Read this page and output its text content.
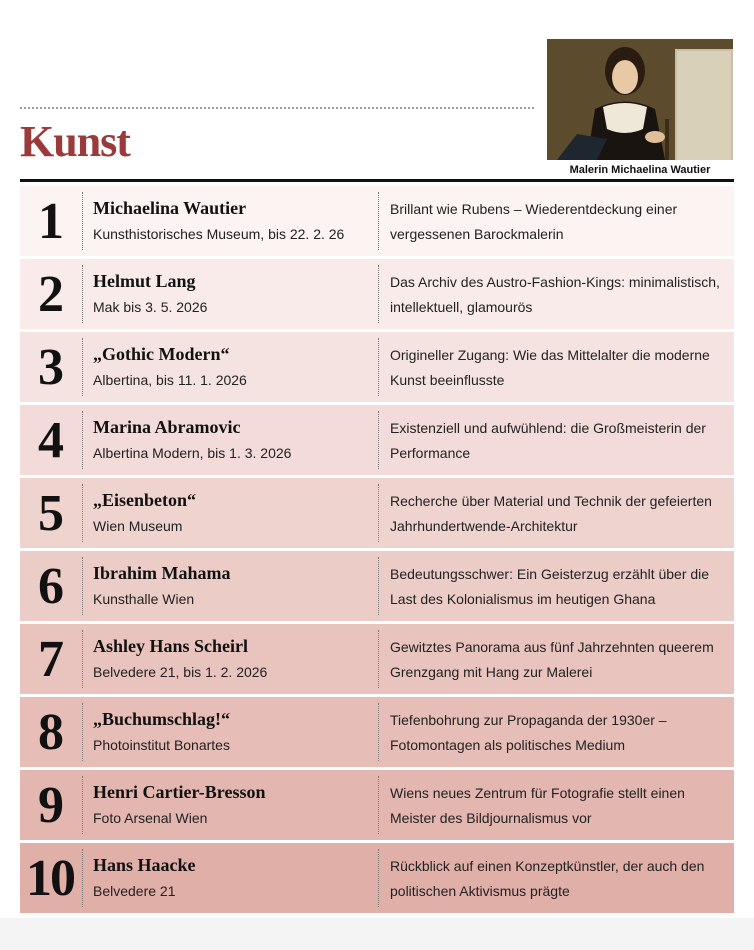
Kunst
Malerin Michaelina Wautier
1	Michaelina Wautier
Kunsthistorisches Museum, bis 22. 2. 26
Brillant wie Rubens – Wiederentdeckung einer vergessenen Barockmalerin
2	Helmut Lang
Mak bis 3. 5. 2026
Das Archiv des Austro-Fashion-Kings: minimalistisch, intellektuell, glamourös
3	„Gothic Modern“
Albertina, bis 11. 1. 2026
Origineller Zugang: Wie das Mittelalter die moderne Kunst beeinflusste
4	Marina Abramovic
Albertina Modern, bis 1. 3. 2026
Existenziell und aufwühlend: die Großmeisterin der Performance
5	„Eisenbeton“
Wien Museum
Recherche über Material und Technik der gefeierten Jahrhundertwende-Architektur
6	Ibrahim Mahama
Kunsthalle Wien
Bedeutungsschwer: Ein Geisterzug erzählt über die Last des Kolonialismus im heutigen Ghana
7	Ashley Hans Scheirl
Belvedere 21, bis 1. 2. 2026
Gewitztes Panorama aus fünf Jahrzehnten queerem Grenzgang mit Hang zur Malerei
8	„Buchumschlag!“
Photoinstitut Bonartes
Tiefenbohrung zur Propaganda der 1930er – Fotomontagen als politisches Medium
9	Henri Cartier-Bresson
Foto Arsenal Wien
Wiens neues Zentrum für Fotografie stellt einen Meister des Bildjournalismus vor
10	Hans Haacke
Belvedere 21
Rückblick auf einen Konzeptkünstler, der auch den politischen Aktivismus prägte
